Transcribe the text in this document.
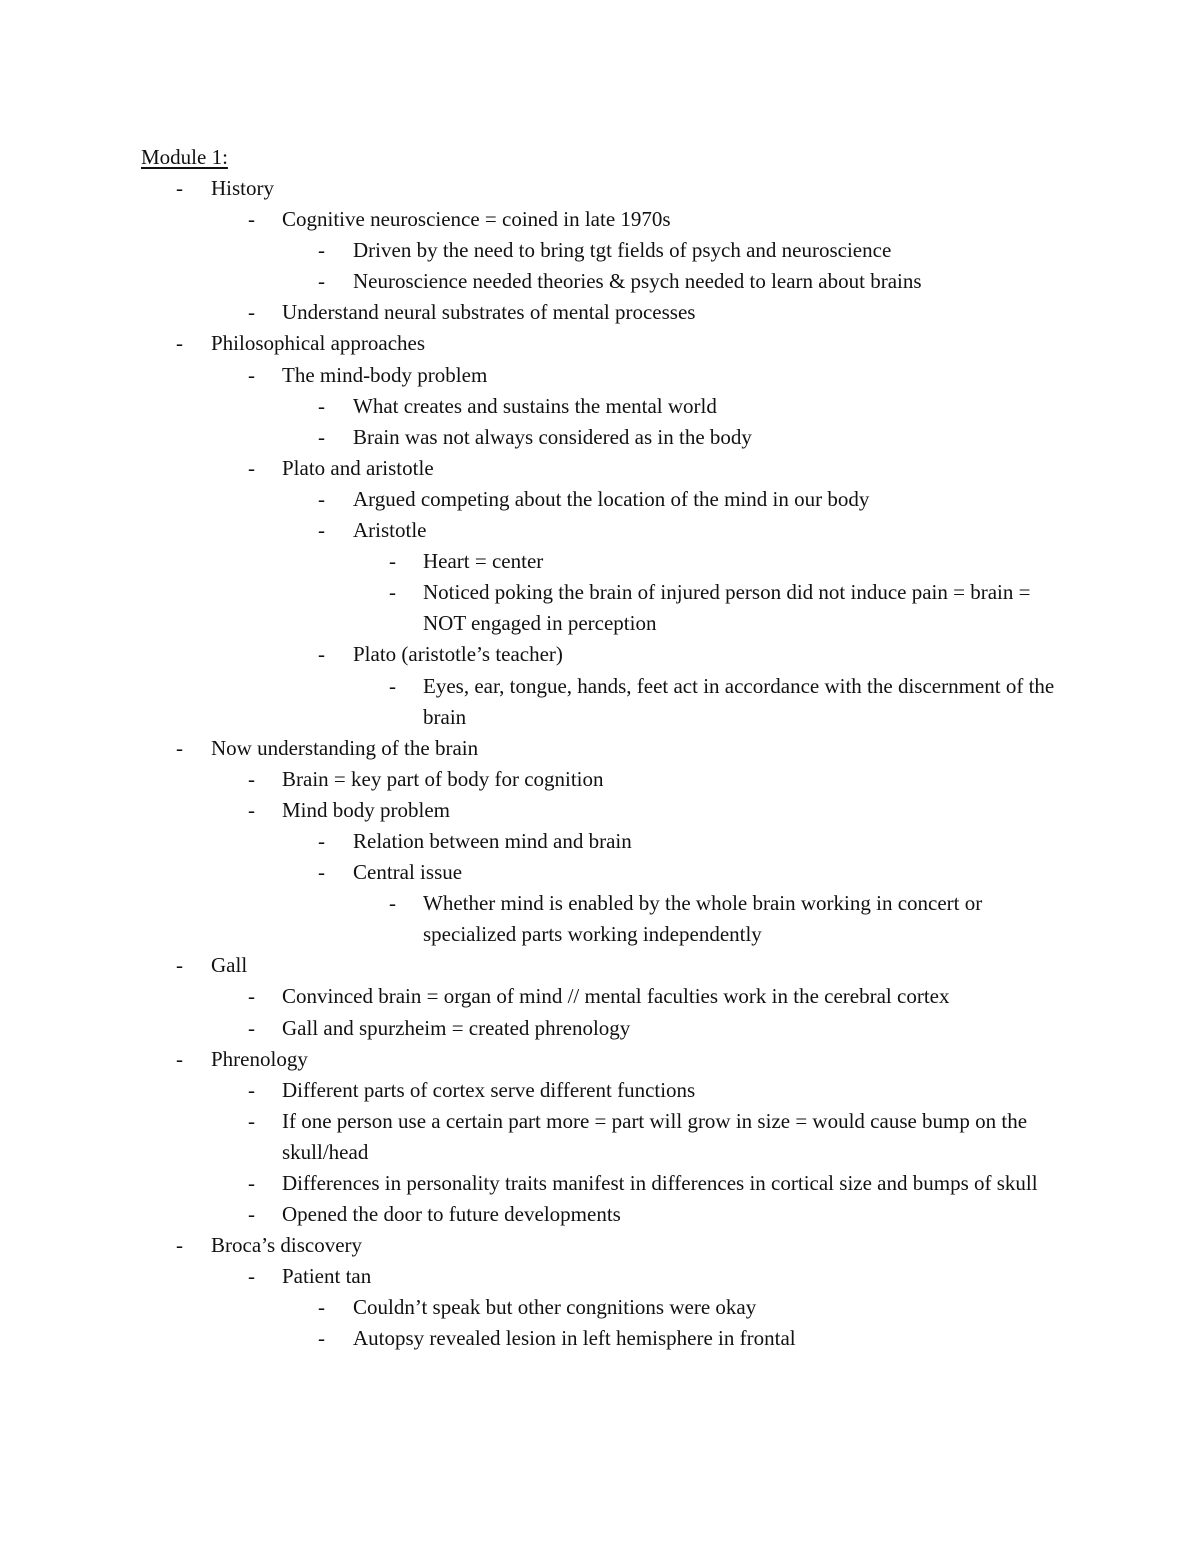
Module 1:
- History
- Cognitive neuroscience = coined in late 1970s
- Driven by the need to bring tgt fields of psych and neuroscience
- Neuroscience needed theories & psych needed to learn about brains
- Understand neural substrates of mental processes
- Philosophical approaches
- The mind-body problem
- What creates and sustains the mental world
- Brain was not always considered as in the body
- Plato and aristotle
- Argued competing about the location of the mind in our body
- Aristotle
- Heart = center
- Noticed poking the brain of injured person did not induce pain = brain = NOT engaged in perception
- Plato (aristotle’s teacher)
- Eyes, ear, tongue, hands, feet act in accordance with the discernment of the brain
- Now understanding of the brain
- Brain = key part of body for cognition
- Mind body problem
- Relation between mind and brain
- Central issue
- Whether mind is enabled by the whole brain working in concert or specialized parts working independently
- Gall
- Convinced brain = organ of mind // mental faculties work in the cerebral cortex
- Gall and spurzheim = created phrenology
- Phrenology
- Different parts of cortex serve different functions
- If one person use a certain part more = part will grow in size = would cause bump on the skull/head
- Differences in personality traits manifest in differences in cortical size and bumps of skull
- Opened the door to future developments
- Broca’s discovery
- Patient tan
- Couldn’t speak but other congnitions were okay
- Autopsy revealed lesion in left hemisphere in frontal
